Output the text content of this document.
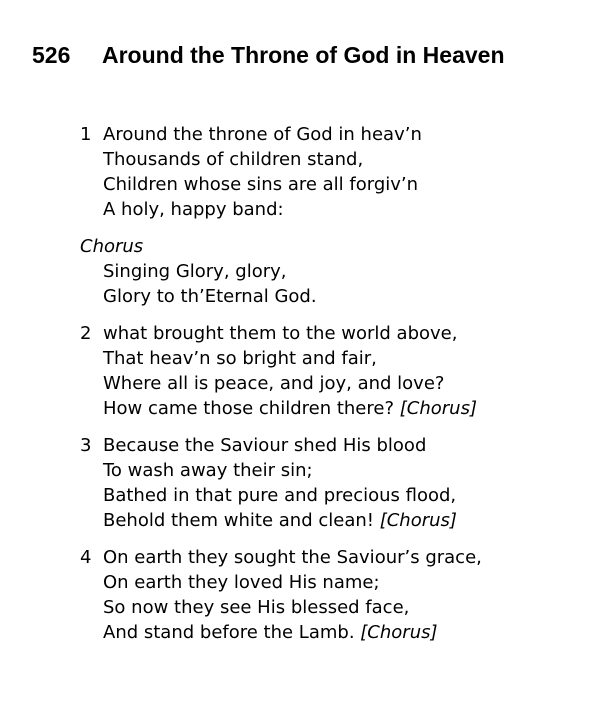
526 Around the Throne of God in Heaven
1 Around the throne of God in heav’n
Thousands of children stand,
Children whose sins are all forgiv’n
A holy, happy band:
Chorus
Singing Glory, glory,
Glory to th’Eternal God.
2 what brought them to the world above,
That heav’n so bright and fair,
Where all is peace, and joy, and love?
How came those children there? [Chorus]
3 Because the Saviour shed His blood
To wash away their sin;
Bathed in that pure and precious flood,
Behold them white and clean! [Chorus]
4 On earth they sought the Saviour’s grace,
On earth they loved His name;
So now they see His blessed face,
And stand before the Lamb. [Chorus]
